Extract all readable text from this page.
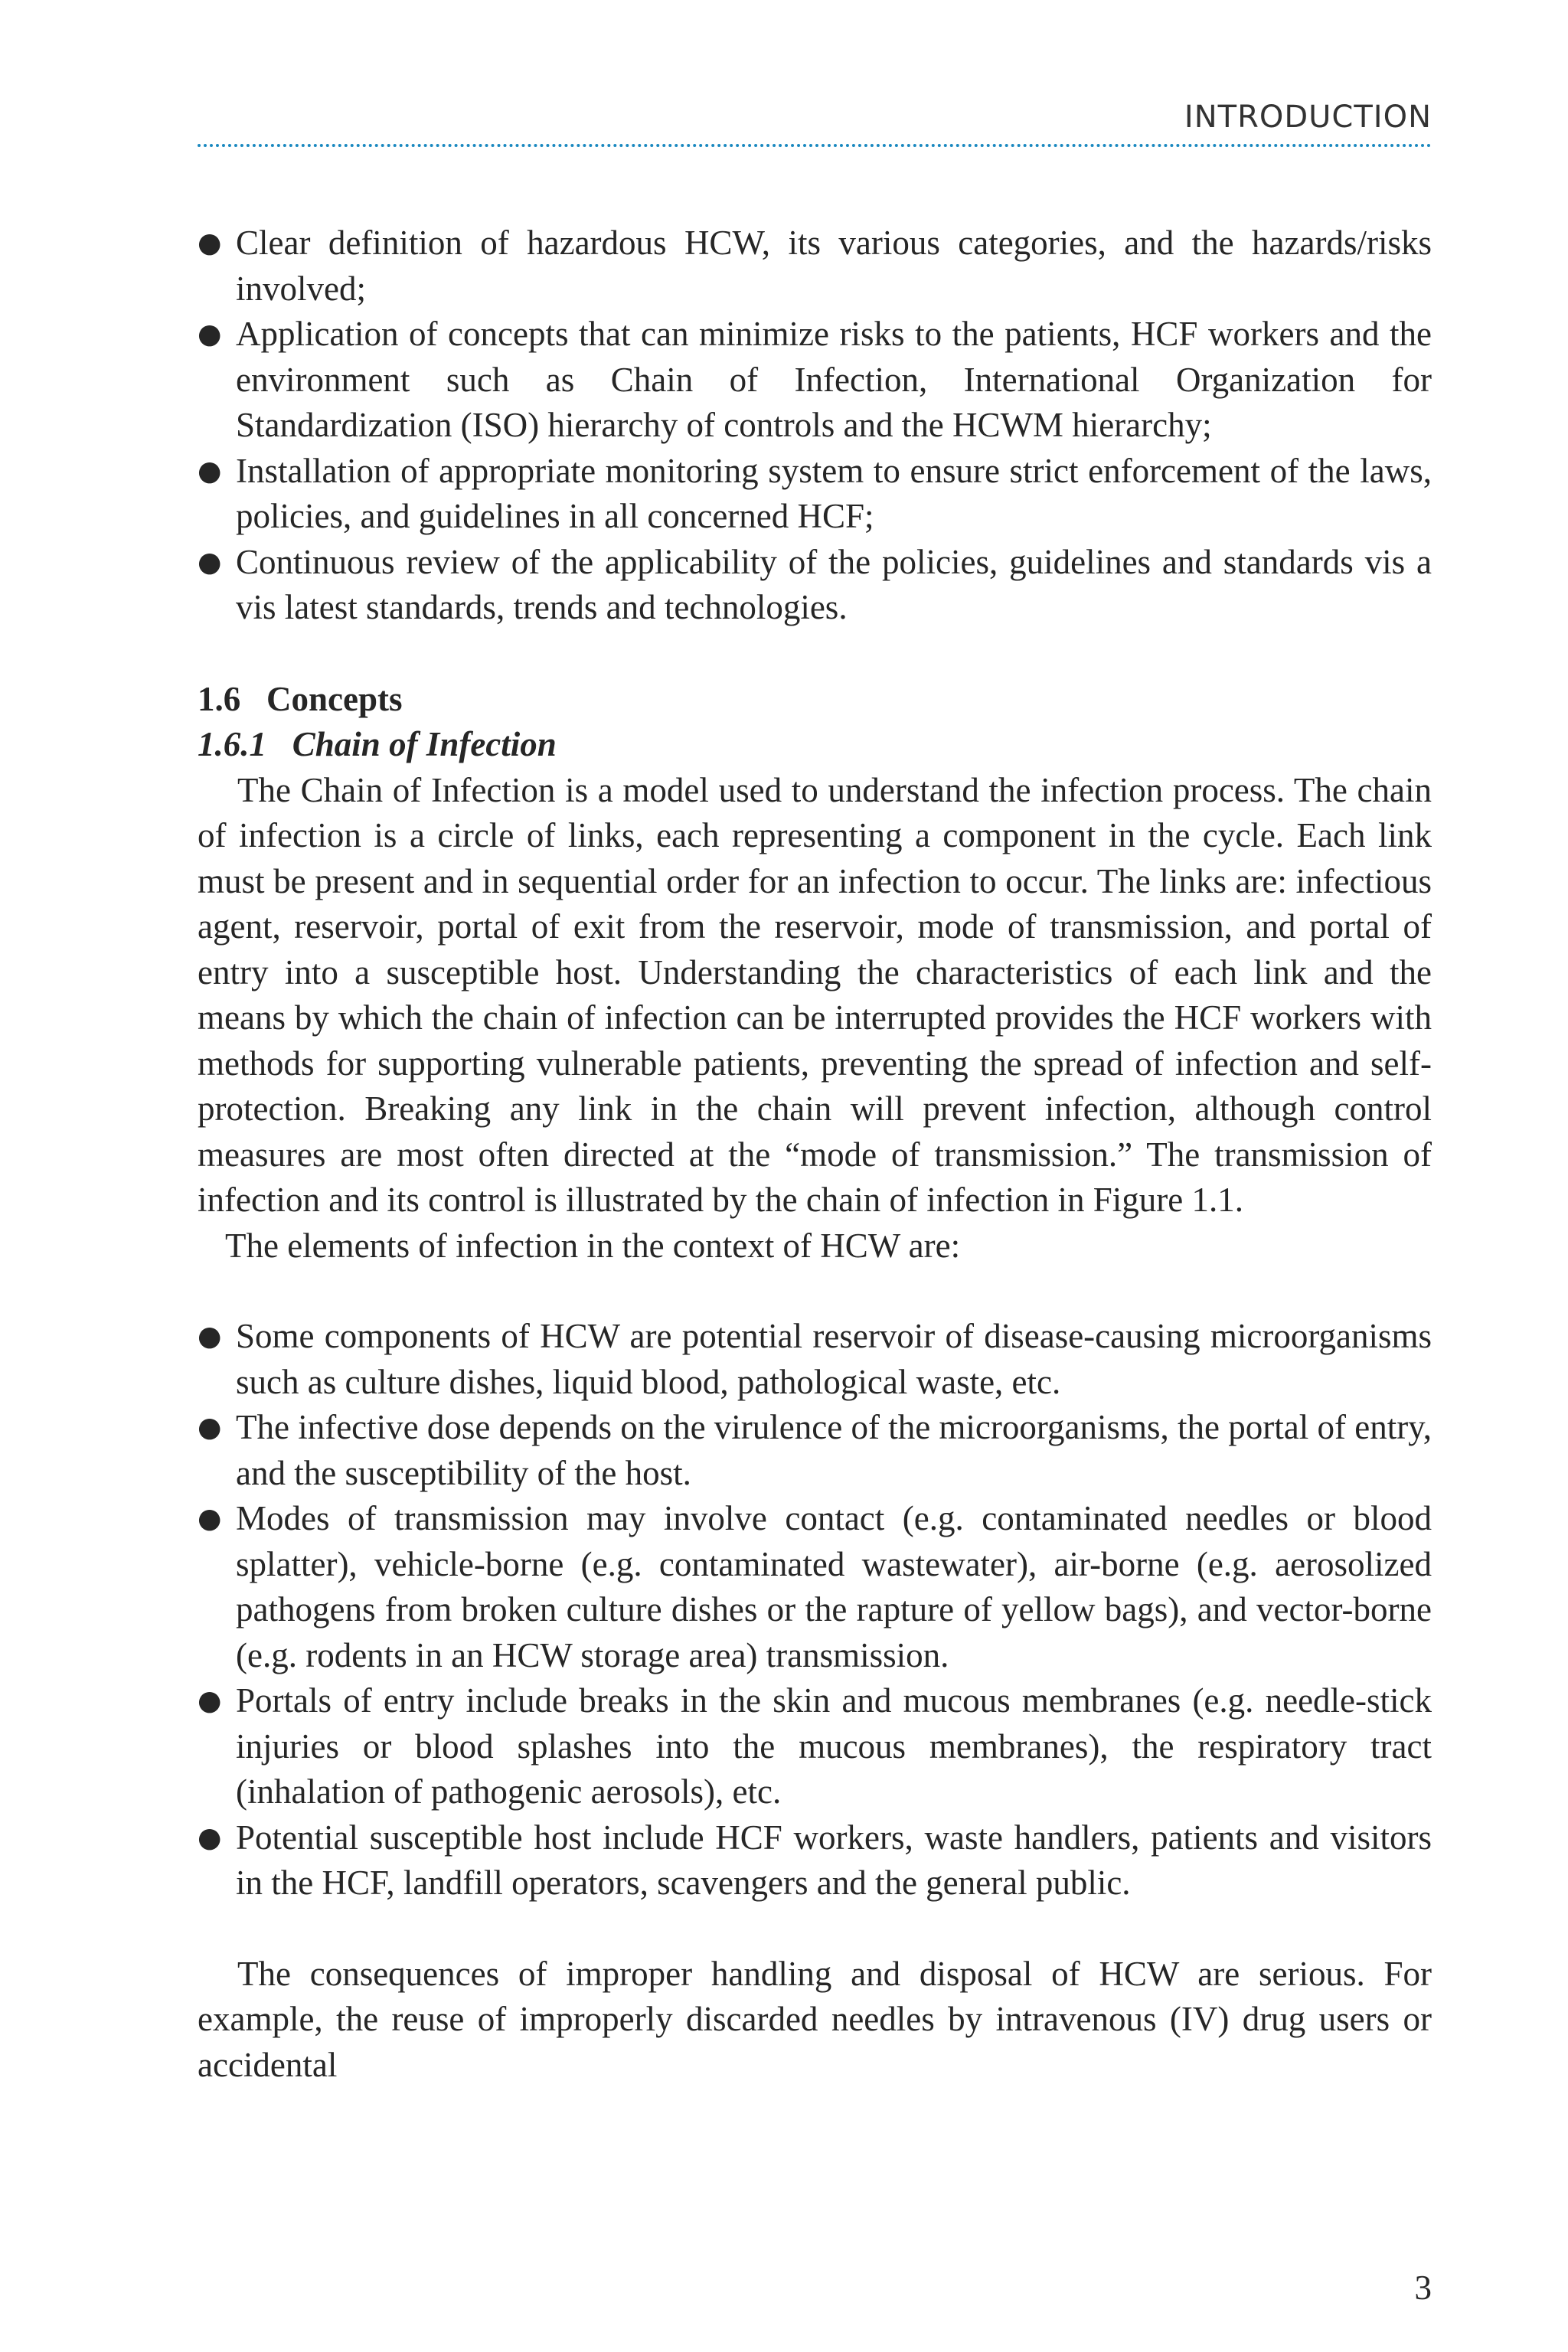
INTRODUCTION
● Clear definition of hazardous HCW, its various categories, and the hazards/risks involved;
● Application of concepts that can minimize risks to the patients, HCF workers and the environment such as Chain of Infection, International Organization for Standardization (ISO) hierarchy of controls and the HCWM hierarchy;
● Installation of appropriate monitoring system to ensure strict enforcement of the laws, policies, and guidelines in all concerned HCF;
● Continuous review of the applicability of the policies, guidelines and standards vis a vis latest standards, trends and technologies.
1.6   Concepts
1.6.1   Chain of Infection

The Chain of Infection is a model used to understand the infection process. The chain of infection is a circle of links, each representing a component in the cycle. Each link must be present and in sequential order for an infection to occur. The links are: infectious agent, reservoir, portal of exit from the reservoir, mode of transmission, and portal of entry into a susceptible host. Understanding the characteristics of each link and the means by which the chain of infection can be interrupted provides the HCF workers with methods for supporting vulnerable patients, preventing the spread of infection and self-protection. Breaking any link in the chain will prevent infection, although control measures are most often directed at the “mode of transmission.” The transmission of infection and its control is illustrated by the chain of infection in Figure 1.1.

The elements of infection in the context of HCW are:

● Some components of HCW are potential reservoir of disease-causing microorganisms such as culture dishes, liquid blood, pathological waste, etc.
● The infective dose depends on the virulence of the microorganisms, the portal of entry, and the susceptibility of the host.
● Modes of transmission may involve contact (e.g. contaminated needles or blood splatter), vehicle-borne (e.g. contaminated wastewater), air-borne (e.g. aerosolized pathogens from broken culture dishes or the rapture of yellow bags), and vector-borne (e.g. rodents in an HCW storage area) transmission.
● Portals of entry include breaks in the skin and mucous membranes (e.g. needle-stick injuries or blood splashes into the mucous membranes), the respiratory tract (inhalation of pathogenic aerosols), etc.
● Potential susceptible host include HCF workers, waste handlers, patients and visitors in the HCF, landfill operators, scavengers and the general public.

The consequences of improper handling and disposal of HCW are serious. For example, the reuse of improperly discarded needles by intravenous (IV) drug users or accidental

3
